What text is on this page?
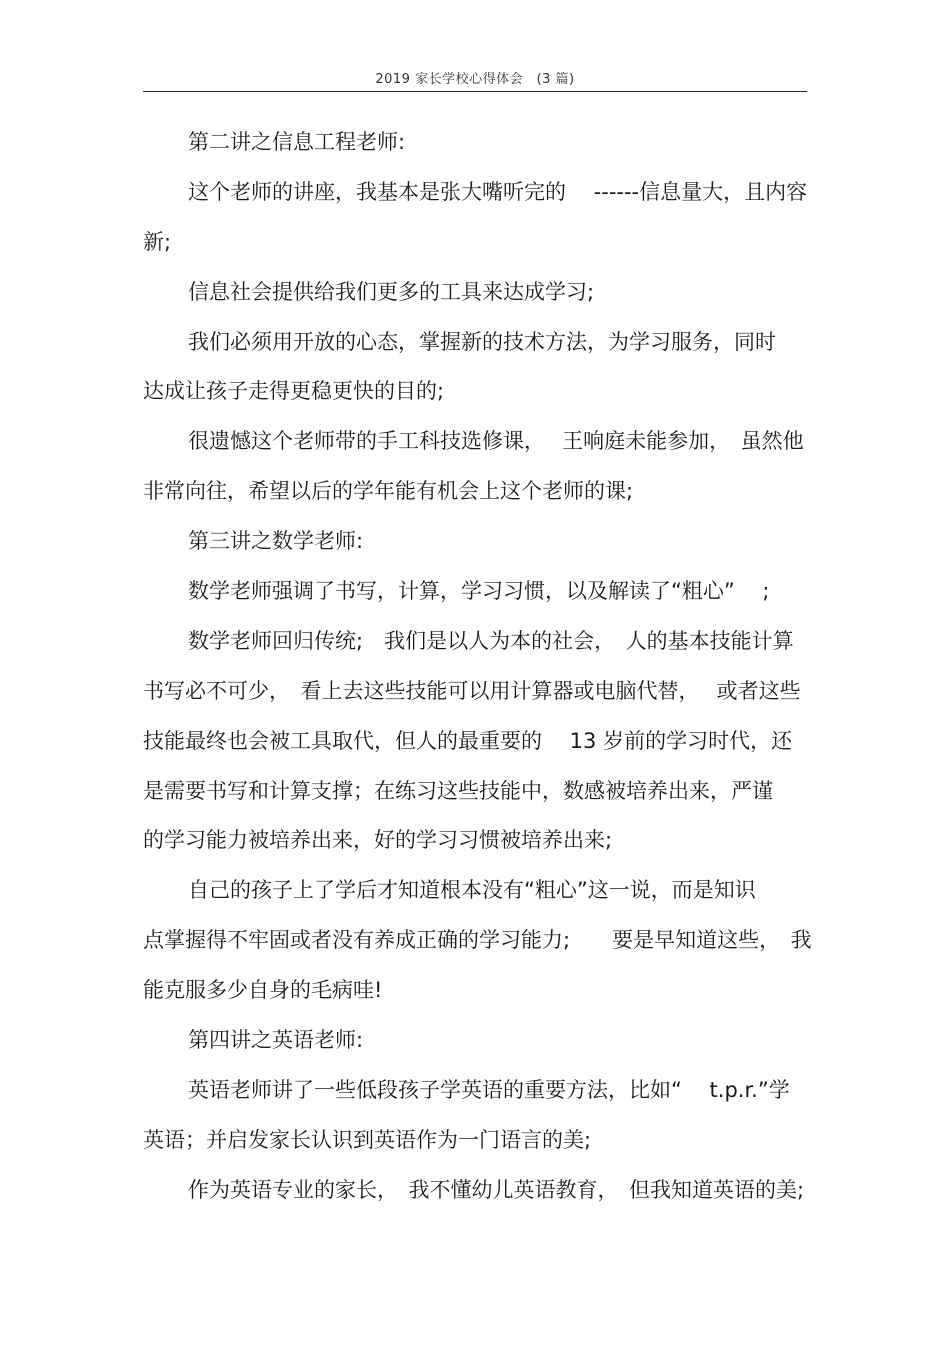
2019 家长学校心得体会　(3 篇)
第二讲之信息工程老师:
这个老师的讲座，我基本是张大嘴听完的　 ------信息量大，且内容
新;
信息社会提供给我们更多的工具来达成学习;
我们必须用开放的心态，掌握新的技术方法，为学习服务，同时
达成让孩子走得更稳更快的目的;
很遗憾这个老师带的手工科技选修课，　 王响庭未能参加，　虽然他
非常向往，希望以后的学年能有机会上这个老师的课;
第三讲之数学老师:
数学老师强调了书写，计算，学习习惯，以及解读了“粗心”　 ;
数学老师回归传统;　我们是以人为本的社会，　人的基本技能计算
书写必不可少，　看上去这些技能可以用计算器或电脑代替，　 或者这些
技能最终也会被工具取代，但人的最重要的　 13 岁前的学习时代，还
是需要书写和计算支撑；在练习这些技能中，数感被培养出来，严谨
的学习能力被培养出来，好的学习习惯被培养出来;
自己的孩子上了学后才知道根本没有“粗心”这一说，而是知识
点掌握得不牢固或者没有养成正确的学习能力;　　要是早知道这些，　我
能克服多少自身的毛病哇!
第四讲之英语老师:
英语老师讲了一些低段孩子学英语的重要方法，比如“　 t.p.r.”学
英语；并启发家长认识到英语作为一门语言的美;
作为英语专业的家长，　我不懂幼儿英语教育，　但我知道英语的美;
